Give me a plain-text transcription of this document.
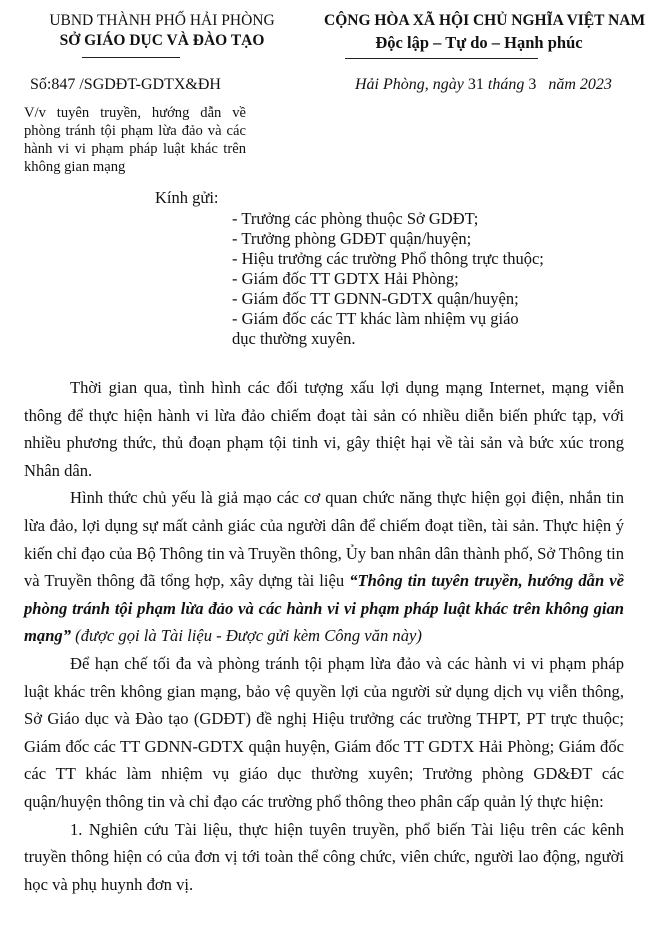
UBND THÀNH PHỐ HẢI PHÒNG
SỞ GIÁO DỤC VÀ ĐÀO TẠO
Số:847 /SGDĐT-GDTX&ĐH
V/v tuyên truyền, hướng dẫn về phòng tránh tội phạm lừa đảo và các hành vi vi phạm pháp luật khác trên không gian mạng
CỘNG HÒA XÃ HỘI CHỦ NGHĨA VIỆT NAM
Độc lập – Tự do – Hạnh phúc
Hải Phòng, ngày 31 tháng 3   năm 2023
Kính gửi:
- Trưởng các phòng thuộc Sở GDĐT;
- Trưởng phòng GDĐT quận/huyện;
- Hiệu trưởng các trường Phổ thông trực thuộc;
- Giám đốc TT GDTX Hải Phòng;
- Giám đốc TT GDNN-GDTX quận/huyện;
- Giám đốc các TT khác làm nhiệm vụ giáo dục thường xuyên.

Thời gian qua, tình hình các đối tượng xấu lợi dụng mạng Internet, mạng viễn thông để thực hiện hành vi lừa đảo chiếm đoạt tài sản có nhiều diễn biến phức tạp, với nhiều phương thức, thủ đoạn phạm tội tinh vi, gây thiệt hại về tài sản và bức xúc trong Nhân dân.

Hình thức chủ yếu là giả mạo các cơ quan chức năng thực hiện gọi điện, nhắn tin lừa đảo, lợi dụng sự mất cảnh giác của người dân để chiếm đoạt tiền, tài sản. Thực hiện ý kiến chỉ đạo của Bộ Thông tin và Truyền thông, Ủy ban nhân dân thành phố, Sở Thông tin và Truyền thông đã tổng hợp, xây dựng tài liệu “Thông tin tuyên truyền, hướng dẫn về phòng tránh tội phạm lừa đảo và các hành vi vi phạm pháp luật khác trên không gian mạng” (được gọi là Tài liệu - Được gửi kèm Công văn này)

Để hạn chế tối đa và phòng tránh tội phạm lừa đảo và các hành vi vi phạm pháp luật khác trên không gian mạng, bảo vệ quyền lợi của người sử dụng dịch vụ viễn thông, Sở Giáo dục và Đào tạo (GDĐT) đề nghị Hiệu trưởng các trường THPT, PT trực thuộc; Giám đốc các TT GDNN-GDTX quận huyện, Giám đốc TT GDTX Hải Phòng; Giám đốc các TT khác làm nhiệm vụ giáo dục thường xuyên; Trưởng phòng GD&ĐT các quận/huyện thông tin và chỉ đạo các trường phổ thông theo phân cấp quản lý thực hiện:

1. Nghiên cứu Tài liệu, thực hiện tuyên truyền, phổ biến Tài liệu trên các kênh truyền thông hiện có của đơn vị tới toàn thể công chức, viên chức, người lao động, người học và phụ huynh đơn vị.
